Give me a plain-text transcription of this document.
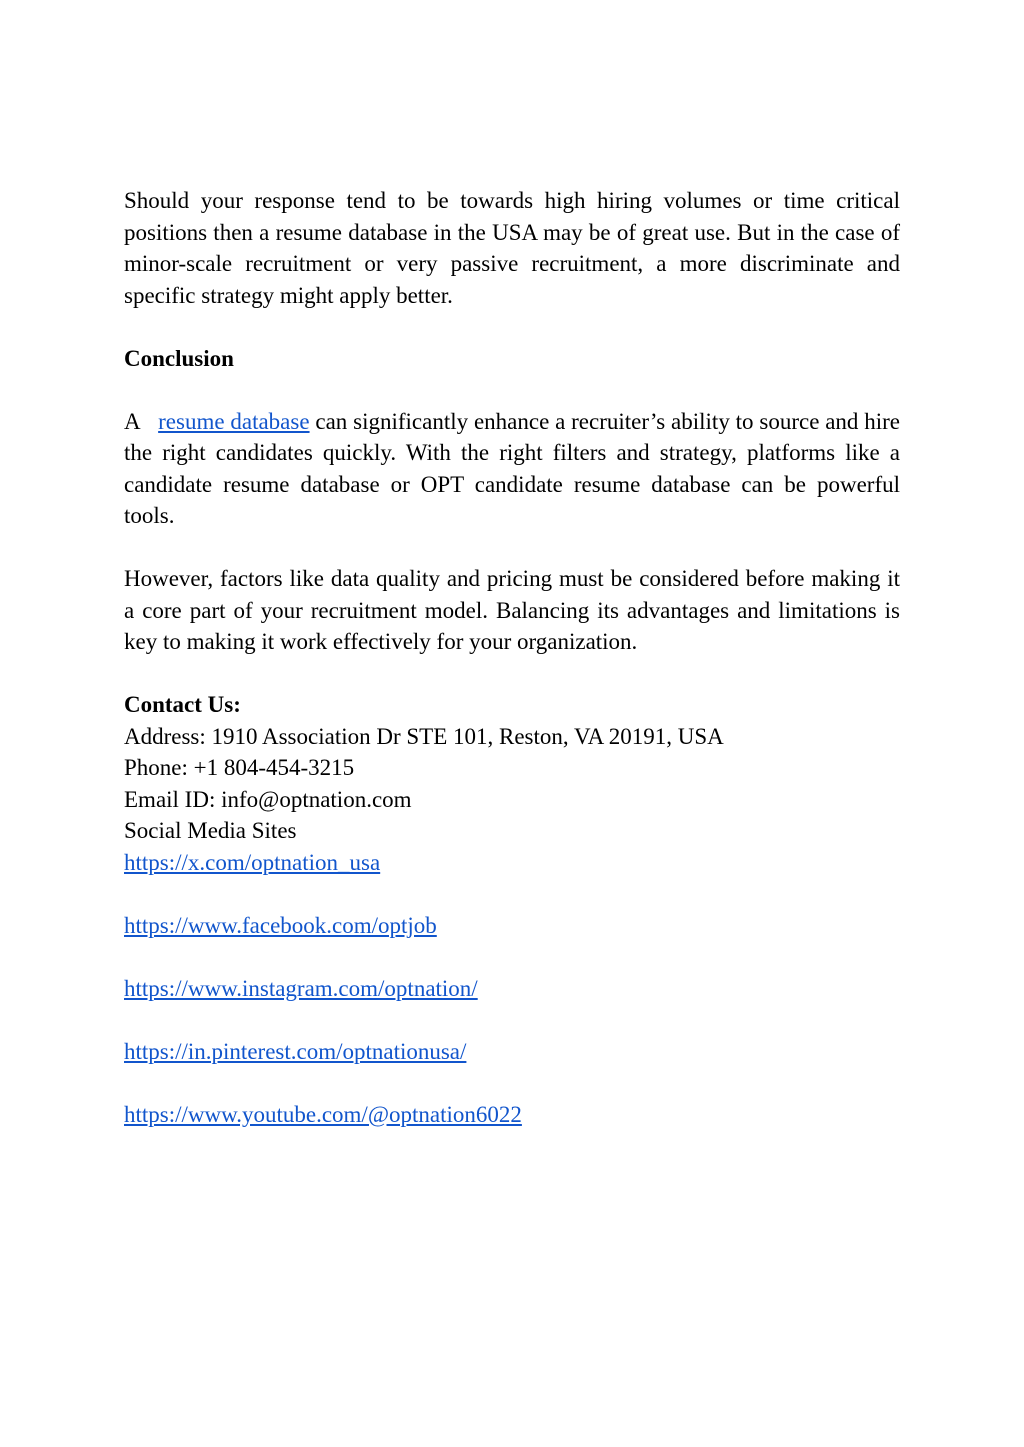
Should your response tend to be towards high hiring volumes or time critical positions then a resume database in the USA may be of great use. But in the case of minor-scale recruitment or very passive recruitment, a more discriminate and specific strategy might apply better.

Conclusion

A resume database can significantly enhance a recruiter’s ability to source and hire the right candidates quickly. With the right filters and strategy, platforms like a candidate resume database or OPT candidate resume database can be powerful tools.

However, factors like data quality and pricing must be considered before making it a core part of your recruitment model. Balancing its advantages and limitations is key to making it work effectively for your organization.

Contact Us:
Address: 1910 Association Dr STE 101, Reston, VA 20191, USA
Phone: +1 804-454-3215
Email ID: info@optnation.com
Social Media Sites
https://x.com/optnation_usa
https://www.facebook.com/optjob
https://www.instagram.com/optnation/
https://in.pinterest.com/optnationusa/
https://www.youtube.com/@optnation6022
